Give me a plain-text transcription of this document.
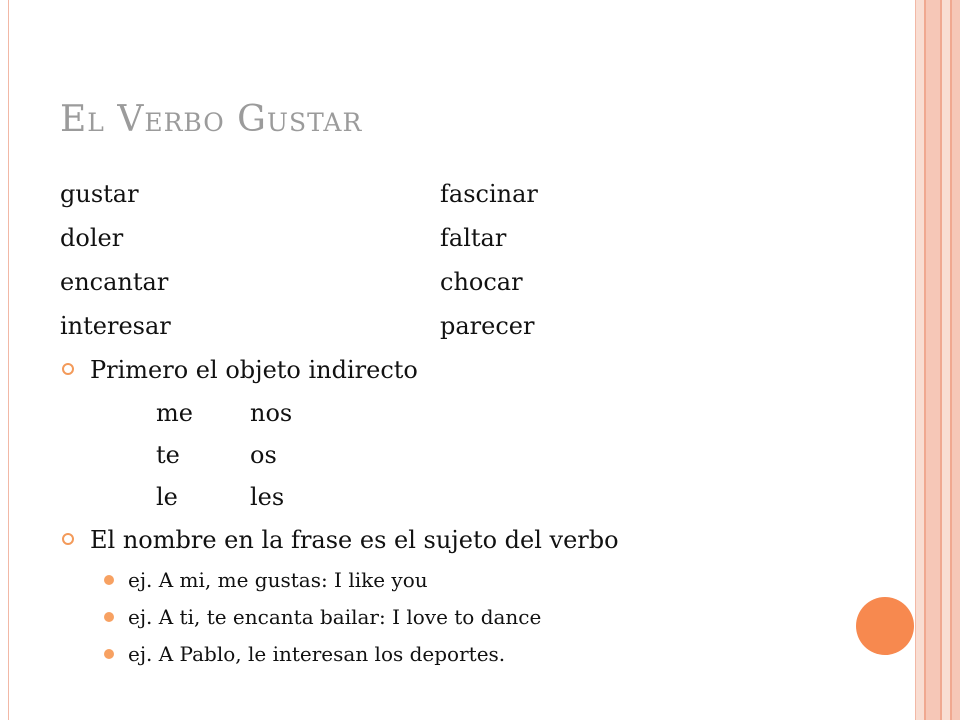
El Verbo Gustar
gustar	fascinar
doler	faltar
encantar	chocar
interesar	parecer
Primero el objeto indirecto
me nos
te	os
le	les
El nombre en la frase es el sujeto del verbo
ej. A mi, me gustas: I like you
ej. A ti, te encanta bailar: I love to dance
ej. A Pablo, le interesan los deportes.
